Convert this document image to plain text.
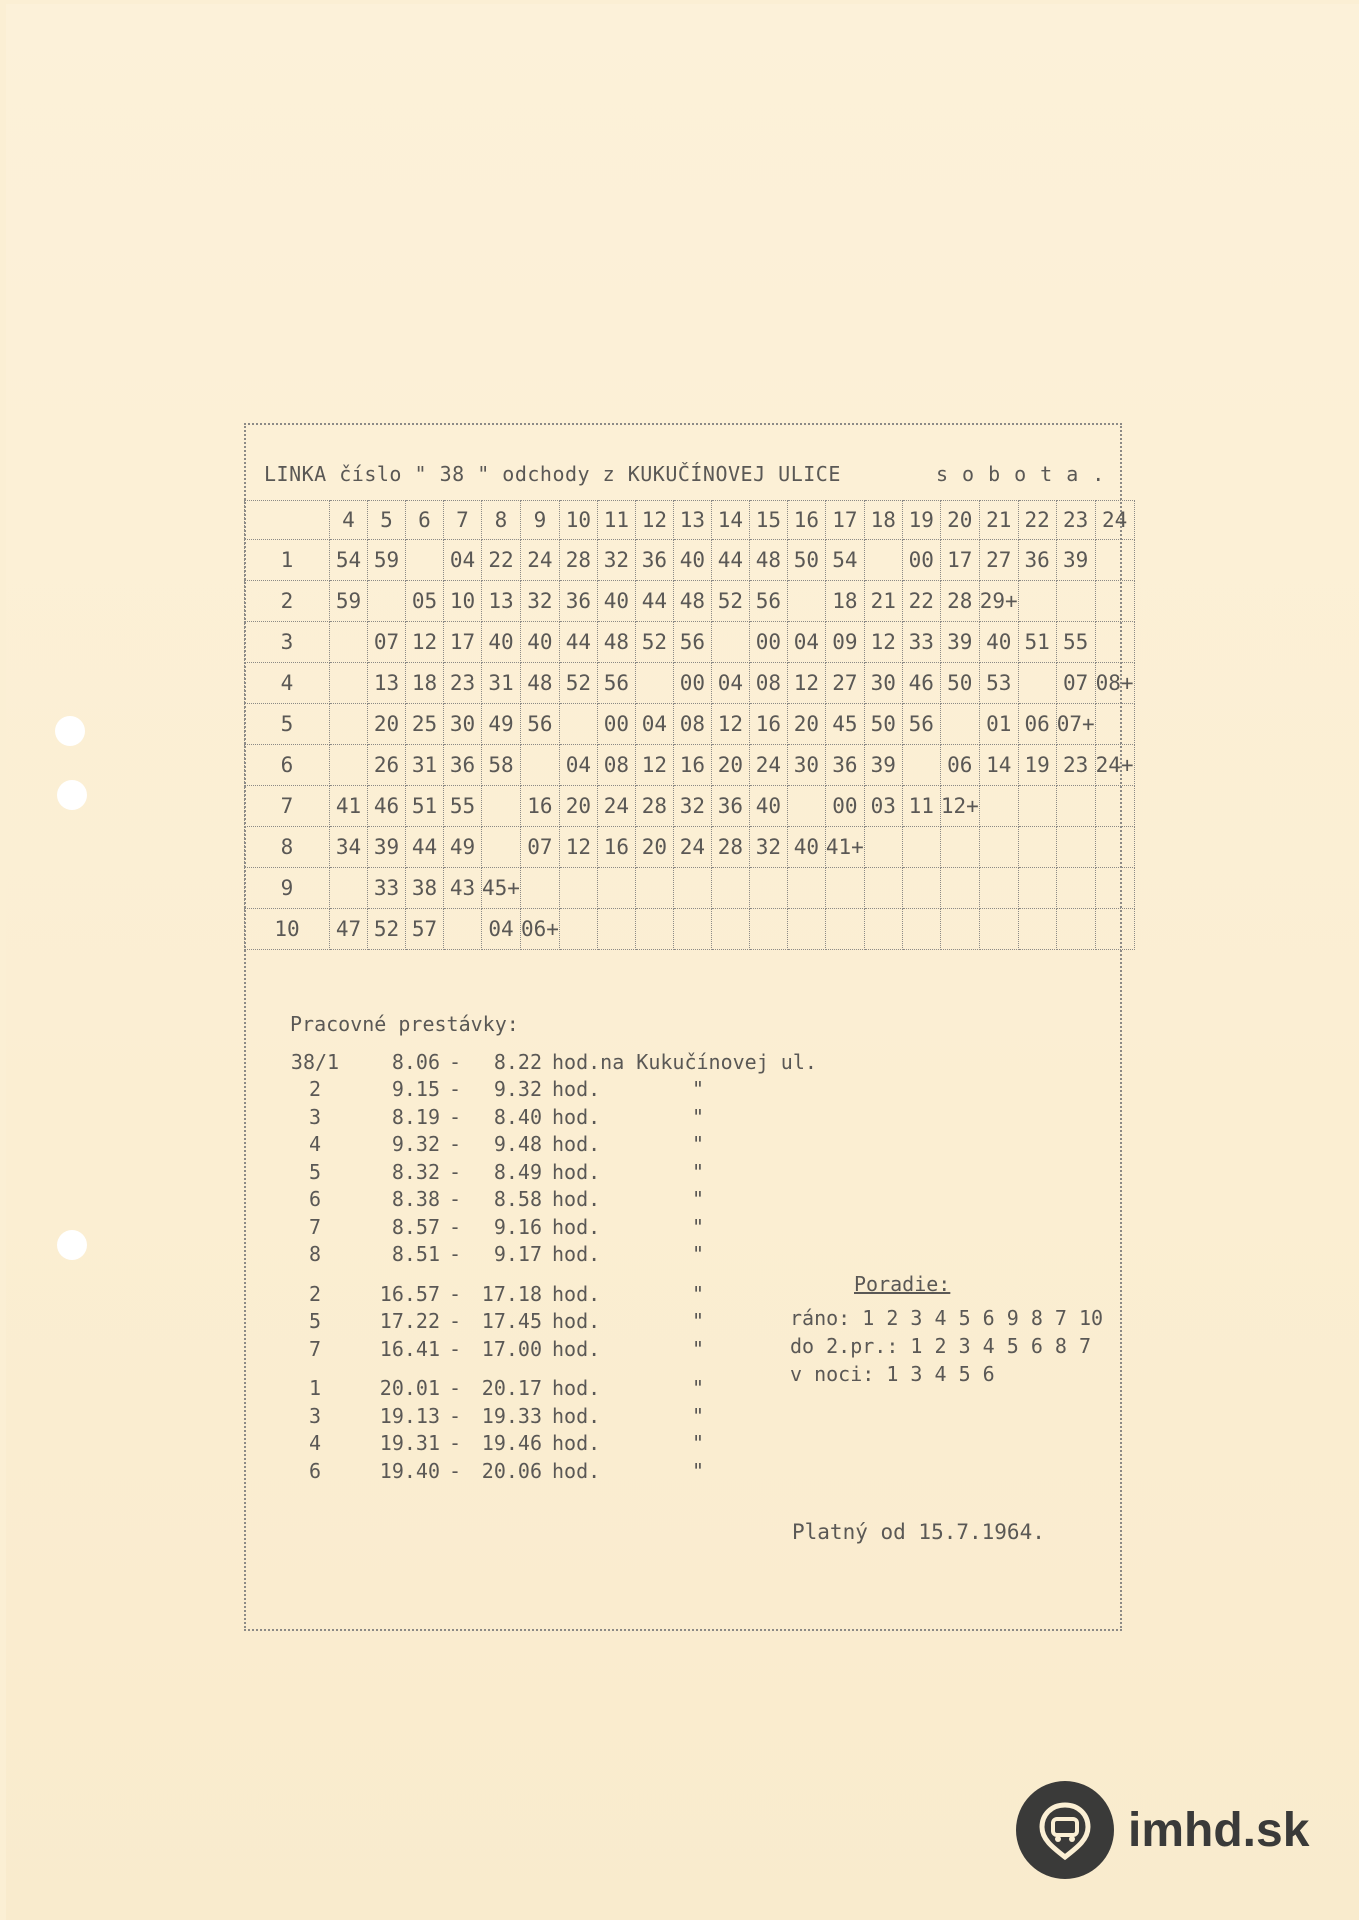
LINKA číslo " 38 " odchody z KUKUČÍNOVEJ ULICE	sobota.
	4	5	6	7	8	9	10	11	12	13	14	15	16	17	18	19	20	21	22	23	24
1	54	59		04	22	24	28	32	36	40	44	48	50	54		00	17	27	36	39	
2	59		05	10	13	32	36	40	44	48	52	56		18	21	22	28	29+			
3		07	12	17	40	40	44	48	52	56		00	04	09	12	33	39	40	51	55	
4		13	18	23	31	48	52	56		00	04	08	12	27	30	46	50	53		07	08+
5		20	25	30	49	56		00	04	08	12	16	20	45	50	56		01	06	07+	
6		26	31	36	58		04	08	12	16	20	24	30	36	39		06	14	19	23	24+
7	41	46	51	55		16	20	24	28	32	36	40		00	03	11	12+				
8	34	39	44	49		07	12	16	20	24	28	32	40	41+							
9		33	38	43	45+																
10	47	52	57		04	06+															
Pracovné prestávky:
38/1	8.06 -	8.22 hod.na Kukučínovej ul.
2	9.15 -	9.32 hod.	"
3	8.19 -	8.40 hod.	"
4	9.32 -	9.48 hod.	"
5	8.32 -	8.49 hod.	"
6	8.38 -	8.58 hod.	"
7	8.57 -	9.16 hod.	"
8	8.51 -	9.17 hod.	"
2	16.57 -	17.18 hod.	"
5	17.22 -	17.45 hod.	"
7	16.41 -	17.00 hod.	"
1	20.01 -	20.17 hod.	"
3	19.13 -	19.33 hod.	"
4	19.31 -	19.46 hod.	"
6	19.40 -	20.06 hod.	"
Poradie:
ráno: 1 2 3 4 5 6 9 8 7 10
do 2.pr.: 1 2 3 4 5 6 8 7
v noci: 1 3 4 5 6
Platný od 15.7.1964.
imhd.sk
